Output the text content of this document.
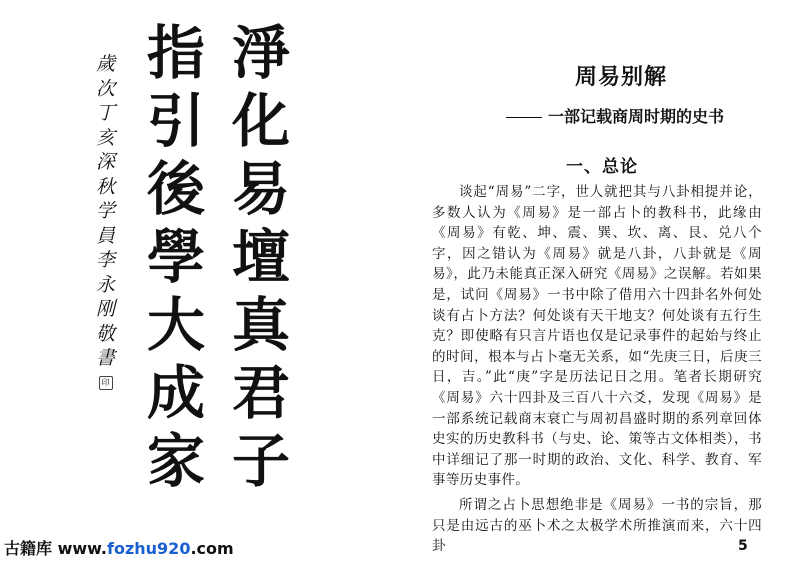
淨
化
易
壇
真
君
子
指
引
後
學
大
成
家
歲
次
丁
亥
深
秋
学
員
李
永
刚
敬
書
印
周易别解
一部记载商周时期的史书
一、总论

谈起“周易”二字，世人就把其与八卦相提并论，多数人认为《周易》是一部占卜的教科书，此缘由《周易》有乾、坤、震、巽、坎、离、艮、兑八个字，因之错认为《周易》就是八卦，八卦就是《周易》，此乃未能真正深入研究《周易》之误解。若如果是，试问《周易》一书中除了借用六十四卦名外何处谈有占卜方法？何处谈有天干地支？何处谈有五行生克？即使略有只言片语也仅是记录事件的起始与终止的时间，根本与占卜毫无关系，如“先庚三日，后庚三日，吉。”此“庚”字是历法记日之用。笔者长期研究《周易》六十四卦及三百八十六爻，发现《周易》是一部系统记载商末衰亡与周初昌盛时期的系列章回体史实的历史教科书（与史、论、策等古文体相类），书中详细记了那一时期的政治、文化、科学、教育、军事等历史事件。

所谓之占卜思想绝非是《周易》一书的宗旨，那只是由远古的巫卜术之太极学术所推演而来，六十四卦	5
古籍库 www.fozhu920.com
